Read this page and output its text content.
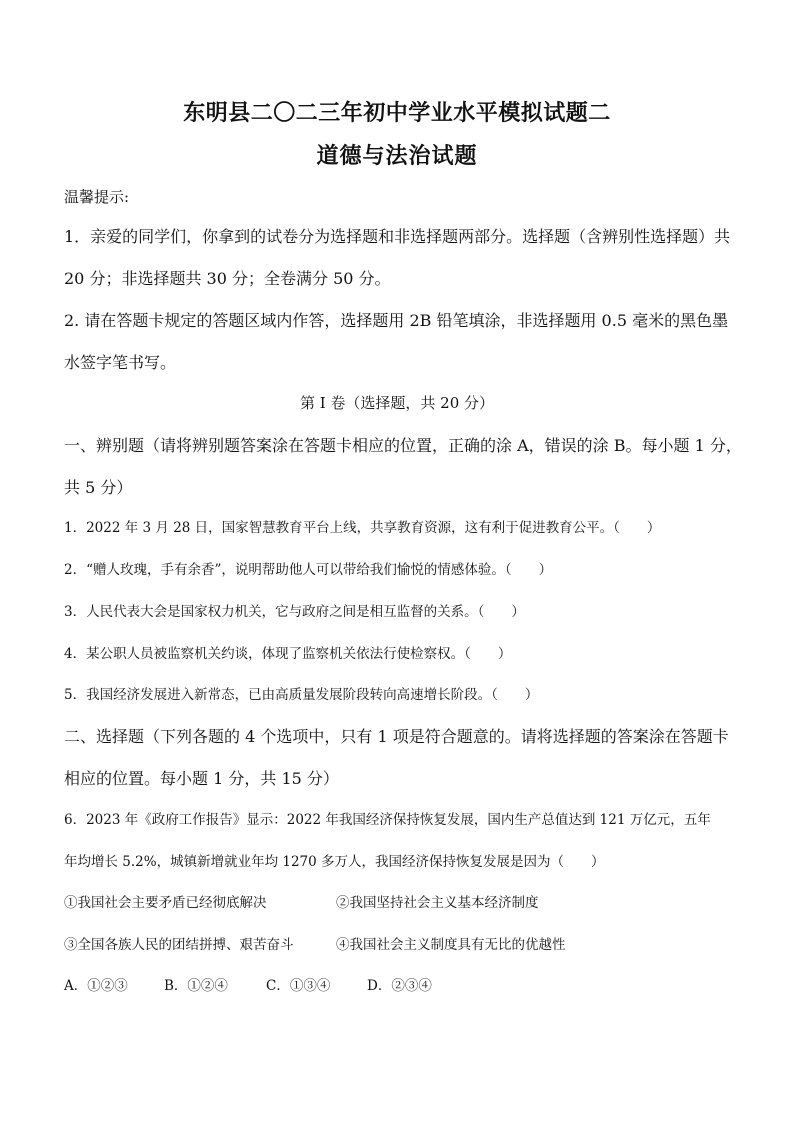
东明县二〇二三年初中学业水平模拟试题二
道德与法治试题
温馨提示:
1．亲爱的同学们，你拿到的试卷分为选择题和非选择题两部分。选择题（含辨别性选择题）共
20 分；非选择题共 30 分；全卷满分 50 分。
2. 请在答题卡规定的答题区域内作答，选择题用 2B 铅笔填涂，非选择题用 0.5 毫米的黑色墨
水签字笔书写。
第 I 卷（选择题，共 20 分）
一、辨别题（请将辨别题答案涂在答题卡相应的位置，正确的涂 A，错误的涂 B。每小题 1 分，
共 5 分）
1．2022 年 3 月 28 日，国家智慧教育平台上线，共享教育资源，这有利于促进教育公平。（　　）
2．“赠人玫瑰，手有余香”，说明帮助他人可以带给我们愉悦的情感体验。（　　）
3．人民代表大会是国家权力机关，它与政府之间是相互监督的关系。（　　）
4．某公职人员被监察机关约谈，体现了监察机关依法行使检察权。（　　）
5．我国经济发展进入新常态，已由高质量发展阶段转向高速增长阶段。（　　）
二、选择题（下列各题的 4 个选项中，只有 1 项是符合题意的。请将选择题的答案涂在答题卡
相应的位置。每小题 1 分，共 15 分）
6．2023 年《政府工作报告》显示：2022 年我国经济保持恢复发展，国内生产总值达到 121 万亿元，五年
年均增长 5.2%，城镇新增就业年均 1270 多万人，我国经济保持恢复发展是因为（　　）
①我国社会主要矛盾已经彻底解决	②我国坚持社会主义基本经济制度
③全国各族人民的团结拼搏、艰苦奋斗	④我国社会主义制度具有无比的优越性
A．①②③	B．①②④	C．①③④	D．②③④
